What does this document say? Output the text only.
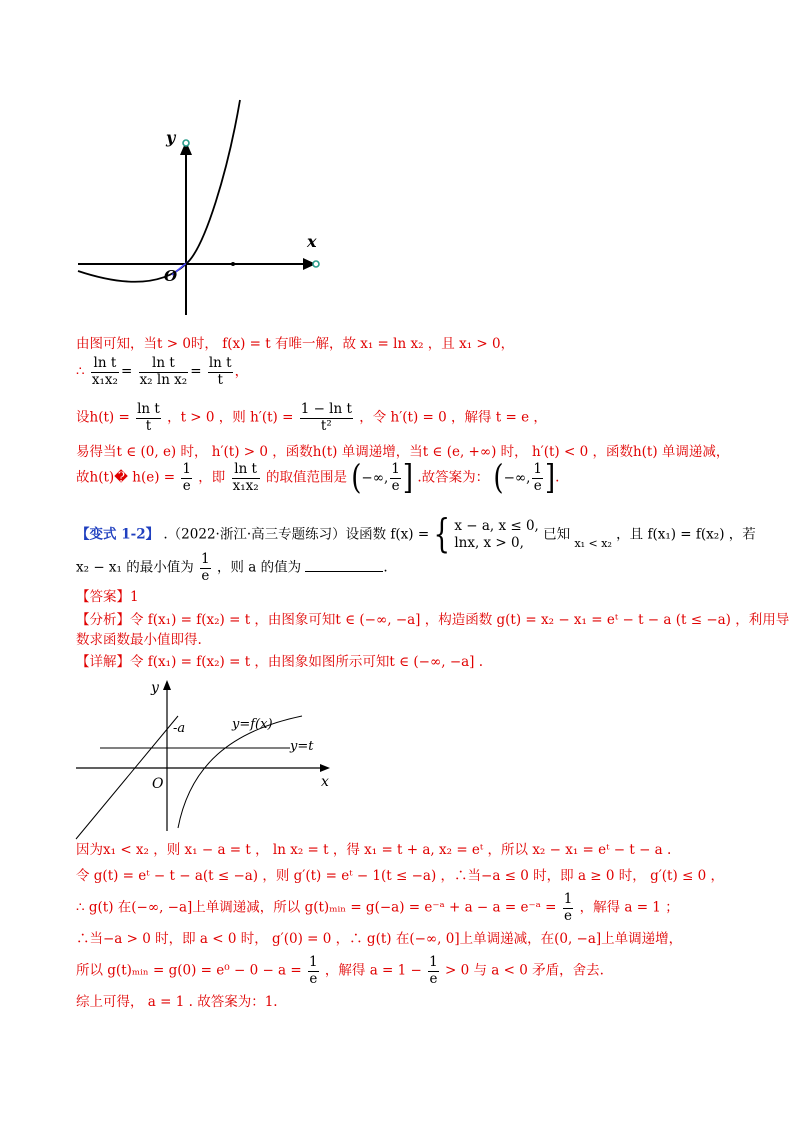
y
x
O
由图可知，当t > 0时， f(x) = t 有唯一解，故 x₁ = ln x₂ ，且 x₁ > 0，
∴ $\frac{\text{ln t}}{\text{x₁x₂}} = \frac{\text{ln t}}{\text{x₂ ln x₂}} = \frac{\text{ln t}}{t}$ ，
设$h(t) = \frac{\text{ln t}}{t}$ ，t > 0 ，则 $h'(t) = \frac{\text{1 − ln t}}{\text{t²}}$ ，令 h′(t) = 0 ，解得 t = e ，
易得当t ∈ (0, e) 时， h′(t) > 0 ，函数h(t) 单调递增，当t ∈ (e, +∞) 时， h′(t) < 0 ，函数h(t) 单调递减，
故h(t)� $h(e) = \frac{1}{e}$ ，即 $\frac{\text{ln t}}{\text{x₁x₂}}$ 的取值范围是 (−∞, $\frac{1}{e}$ ] .故答案为： (−∞, $\frac{1}{e}$ ].
【变式 1-2】 .（2022·浙江·高三专题练习）设函数 f(x) = { x − a, x ≤ 0,
lnx, x > 0,
已知 $_{x_1 < x_2}$ ，且 f(x₁) = f(x₂) ，若
x₂ − x₁ 的最小值为 $\frac{1}{e}$ ，则 a 的值为	.
【答案】1
【分析】令 f(x₁) = f(x₂) = t ，由图象可知t ∈ (−∞, −a] ，构造函数 g(t) = x₂ − x₁ = eᵗ − t − a (t ≤ −a) ，利用导
数求函数最小值即得.
【详解】令 f(x₁) = f(x₂) = t ，由图象如图所示可知t ∈ (−∞, −a] .
y
x
O
-a	y=f(x)
y=t
因为x₁ < x₂ ，则 x₁ − a = t ， ln x₂ = t ，得 x₁ = t + a, x₂ = eᵗ ，所以 x₂ − x₁ = eᵗ − t − a .
令 g(t) = eᵗ − t − a(t ≤ −a) ，则 g′(t) = eᵗ − 1(t ≤ −a) ，∴当−a ≤ 0 时，即 a ≥ 0 时， g′(t) ≤ 0 ，
∴ g(t) 在(−∞, −a]上单调递减，所以 g(t)ₘᵢₙ = g(−a) = e⁻ᵃ + a − a = e⁻ᵃ = $\frac{1}{e}$ ，解得 a = 1 ；
∴当−a > 0 时，即 a < 0 时， g′(0) = 0 ，∴ g(t) 在(−∞, 0]上单调递减，在(0, −a]上单调递增，
所以 g(t)ₘᵢₙ = $g(0) = e^0 - 0 - a = \frac{1}{e}$ ，解得 $a = 1 - \frac{1}{e} > 0$ 与 a < 0 矛盾，舍去.
综上可得， a = 1 . 故答案为：1.
